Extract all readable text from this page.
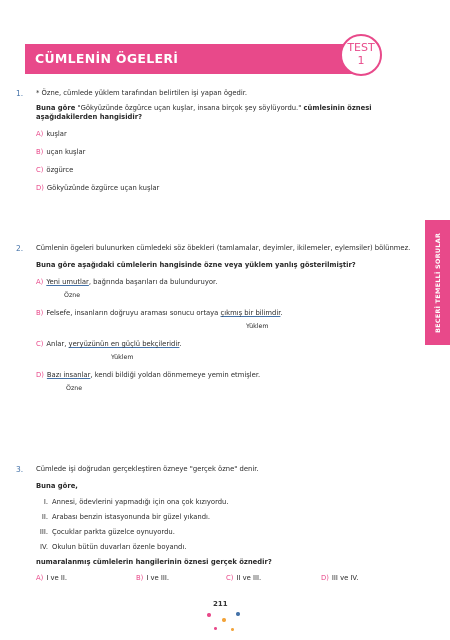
CÜMLENİN ÖGELERİ
TEST
1
BECERİ TEMELLİ SORULAR
1. * Özne, cümlede yüklem tarafından belirtilen işi yapan ögedir.
Buna göre "Gökyüzünde özgürce uçan kuşlar, insana birçok şey söylüyordu." cümlesinin öznesi aşağıdakilerden hangisidir?
A) kuşlar
B) uçan kuşlar
C) özgürce
D) Gökyüzünde özgürce uçan kuşlar
2. Cümlenin ögeleri bulunurken cümledeki söz öbekleri (tamlamalar, deyimler, ikilemeler, eylemsiler) bölünmez.
Buna göre aşağıdaki cümlelerin hangisinde özne veya yüklem yanlış gösterilmiştir?
A) Yeni umutlar, bağrında başarıları da bulunduruyor.
Özne
B) Felsefe, insanların doğruyu araması sonucu ortaya çıkmış bir bilimdir.
Yüklem
C) Anlar, yeryüzünün en güçlü bekçileridir.
Yüklem
D) Bazı insanlar, kendi bildiği yoldan dönmemeye yemin etmişler.
Özne
3. Cümlede işi doğrudan gerçekleştiren özneye "gerçek özne" denir.
Buna göre,
I. Annesi, ödevlerini yapmadığı için ona çok kızıyordu.
II. Arabası benzin istasyonunda bir güzel yıkandı.
III. Çocuklar parkta güzelce oynuyordu.
IV. Okulun bütün duvarları özenle boyandı.
numaralanmış cümlelerin hangilerinin öznesi gerçek öznedir?
A) I ve II.	B) I ve III.	C) II ve III.	D) III ve IV.
211
